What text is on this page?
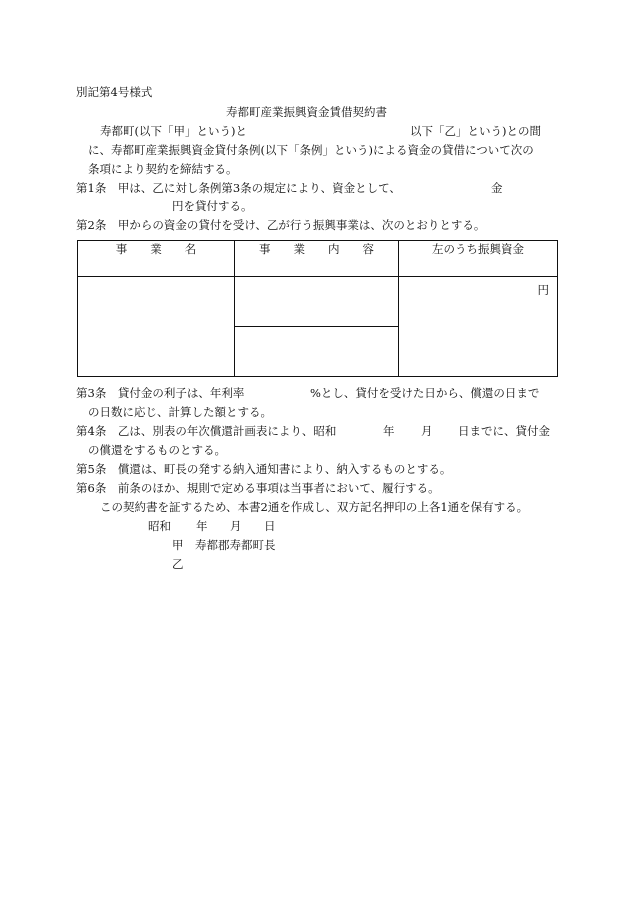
別記第4号様式
寿都町産業振興資金賃借契約書
寿都町(以下「甲」という)と	以下「乙」という)との間
に、寿都町産業振興資金貸付条例(以下「条例」という)による資金の貸借について次の
条項により契約を締結する。
第1条　甲は、乙に対し条例第3条の規定により、資金として、	金
円を貸付する。
第2条　甲からの資金の貸付を受け、乙が行う振興事業は、次のとおりとする。
事　　業　　名	事　　業　　内　　容	左のうち振興資金

		円

第3条　貸付金の利子は、年利率	%とし、貸付を受けた日から、償還の日まで
の日数に応じ、計算した額とする。
第4条　乙は、別表の年次償還計画表により、昭和	年 月 日までに、貸付金
の償還をするものとする。
第5条　償還は、町長の発する納入通知書により、納入するものとする。
第6条　前条のほか、規則で定める事項は当事者において、履行する。
この契約書を証するため、本書2通を作成し、双方記名押印の上各1通を保有する。
昭和 年 月 日
甲　寿都郡寿都町長
乙
